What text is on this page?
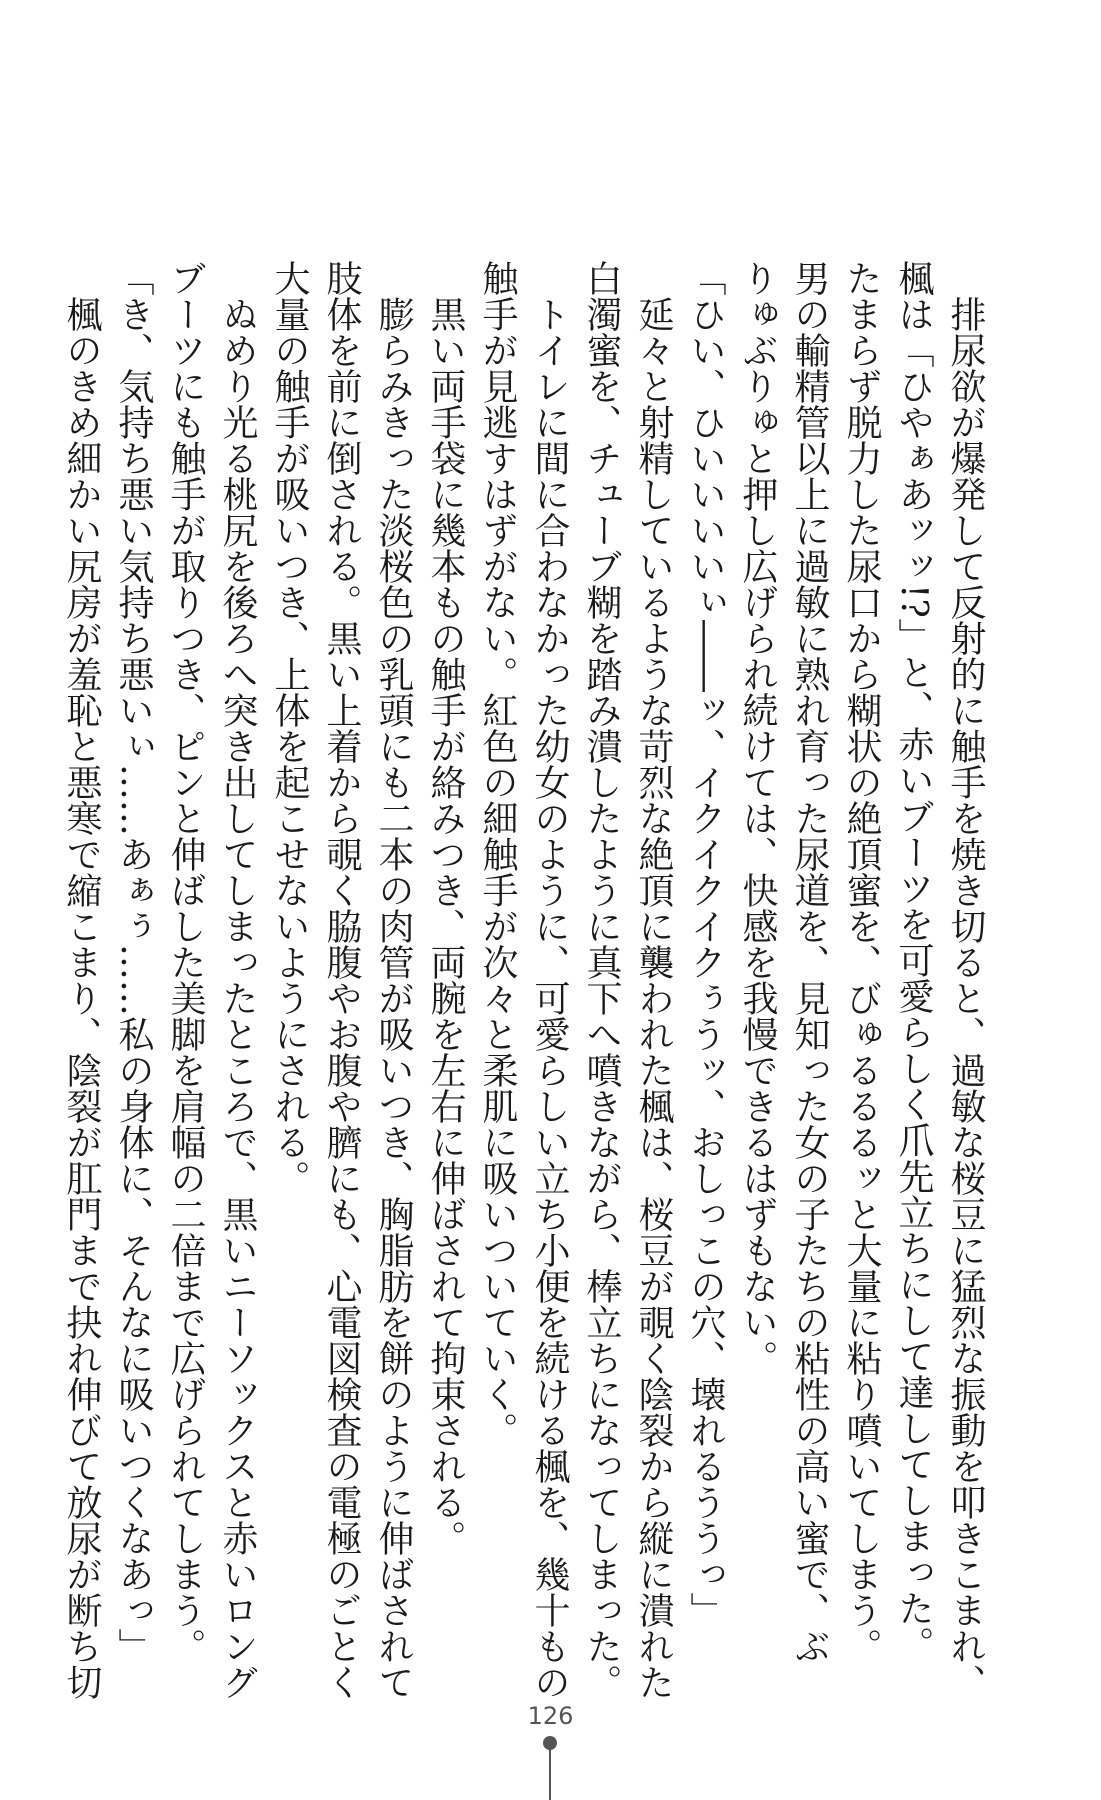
　排尿欲が爆発して反射的に触手を焼き切ると、過敏な桜豆に猛烈な振動を叩きこまれ、
楓は「ひやぁあッッ!?」と、赤いブーツを可愛らしく爪先立ちにして達してしまった。
たまらず脱力した尿口から糊状の絶頂蜜を、びゅるるるッと大量に粘り噴いてしまう。
男の輸精管以上に過敏に熟れ育った尿道を、見知った女の子たちの粘性の高い蜜で、ぶ
りゅぶりゅと押し広げられ続けては、快感を我慢できるはずもない。
「ひい、ひいいいいぃ――ッ、イクイクイクぅうッ、おしっこの穴、壊れるううっ」
　延々と射精しているような苛烈な絶頂に襲われた楓は、桜豆が覗く陰裂から縦に潰れた
白濁蜜を、チューブ糊を踏み潰したように真下へ噴きながら、棒立ちになってしまった。
　トイレに間に合わなかった幼女のように、可愛らしい立ち小便を続ける楓を、幾十もの
触手が見逃すはずがない。紅色の細触手が次々と柔肌に吸いついていく。
　黒い両手袋に幾本もの触手が絡みつき、両腕を左右に伸ばされて拘束される。
　膨らみきった淡桜色の乳頭にも二本の肉管が吸いつき、胸脂肪を餅のように伸ばされて
肢体を前に倒される。黒い上着から覗く脇腹やお腹や臍にも、心電図検査の電極のごとく
大量の触手が吸いつき、上体を起こせないようにされる。
　ぬめり光る桃尻を後ろへ突き出してしまったところで、黒いニーソックスと赤いロング
ブーツにも触手が取りつき、ピンと伸ばした美脚を肩幅の二倍まで広げられてしまう。
「き、気持ち悪い気持ち悪いぃ……あぁぅ……私の身体に、そんなに吸いつくなあっ」
　楓のきめ細かい尻房が羞恥と悪寒で縮こまり、陰裂が肛門まで抉れ伸びて放尿が断ち切
126
